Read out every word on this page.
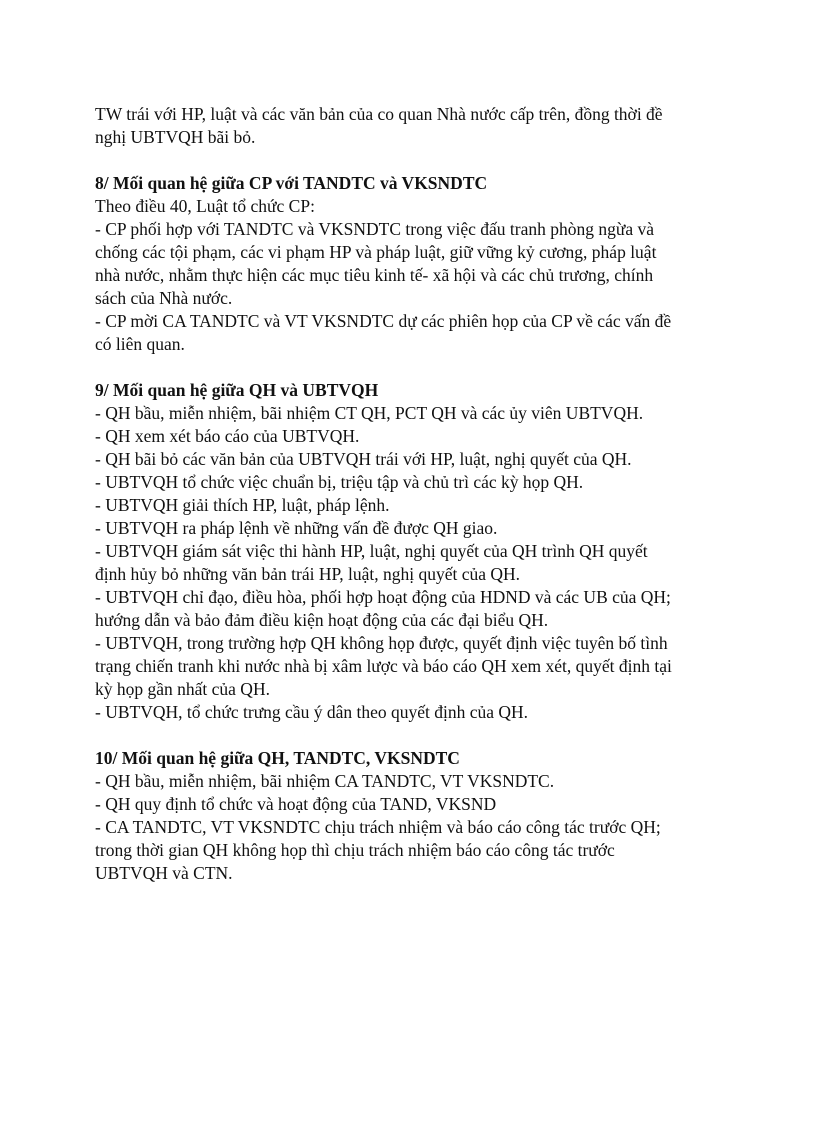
TW trái với HP, luật và các văn bản của co quan Nhà nước cấp trên, đồng thời đề
nghị UBTVQH bãi bỏ.
8/ Mối quan hệ giữa CP với TANDTC và VKSNDTC
Theo điều 40, Luật tổ chức CP:
- CP phối hợp với TANDTC và VKSNDTC trong việc đấu tranh phòng ngừa và
chống các tội phạm, các vi phạm HP và pháp luật, giữ vững kỷ cương, pháp luật
nhà nước, nhằm thực hiện các mục tiêu kinh tế- xã hội và các chủ trương, chính
sách của Nhà nước.
- CP mời CA TANDTC và VT VKSNDTC dự các phiên họp của CP về các vấn đề
có liên quan.
9/ Mối quan hệ giữa QH và UBTVQH
- QH bầu, miễn nhiệm, bãi nhiệm CT QH, PCT QH và các ủy viên UBTVQH.
- QH xem xét báo cáo của UBTVQH.
- QH bãi bỏ các văn bản của UBTVQH trái với HP, luật, nghị quyết của QH.
- UBTVQH tổ chức việc chuẩn bị, triệu tập và chủ trì các kỳ họp QH.
- UBTVQH giải thích HP, luật, pháp lệnh.
- UBTVQH ra pháp lệnh về những vấn đề được QH giao.
- UBTVQH giám sát việc thi hành HP, luật, nghị quyết của QH trình QH quyết
định hủy bỏ những văn bản trái HP, luật, nghị quyết của QH.
- UBTVQH chỉ đạo, điều hòa, phối hợp hoạt động của HDND và các UB của QH;
hướng dẫn và bảo đảm điều kiện hoạt động của các đại biểu QH.
- UBTVQH, trong trường hợp QH không họp được, quyết định việc tuyên bố tình
trạng chiến tranh khi nước nhà bị xâm lược và báo cáo QH xem xét, quyết định tại
kỳ họp gần nhất của QH.
- UBTVQH, tổ chức trưng cầu ý dân theo quyết định của QH.
10/ Mối quan hệ giữa QH, TANDTC, VKSNDTC
- QH bầu, miễn nhiệm, bãi nhiệm CA TANDTC, VT VKSNDTC.
- QH quy định tổ chức và hoạt động của TAND, VKSND
- CA TANDTC, VT VKSNDTC chịu trách nhiệm và báo cáo công tác trước QH;
trong thời gian QH không họp thì chịu trách nhiệm báo cáo công tác trước
UBTVQH và CTN.
